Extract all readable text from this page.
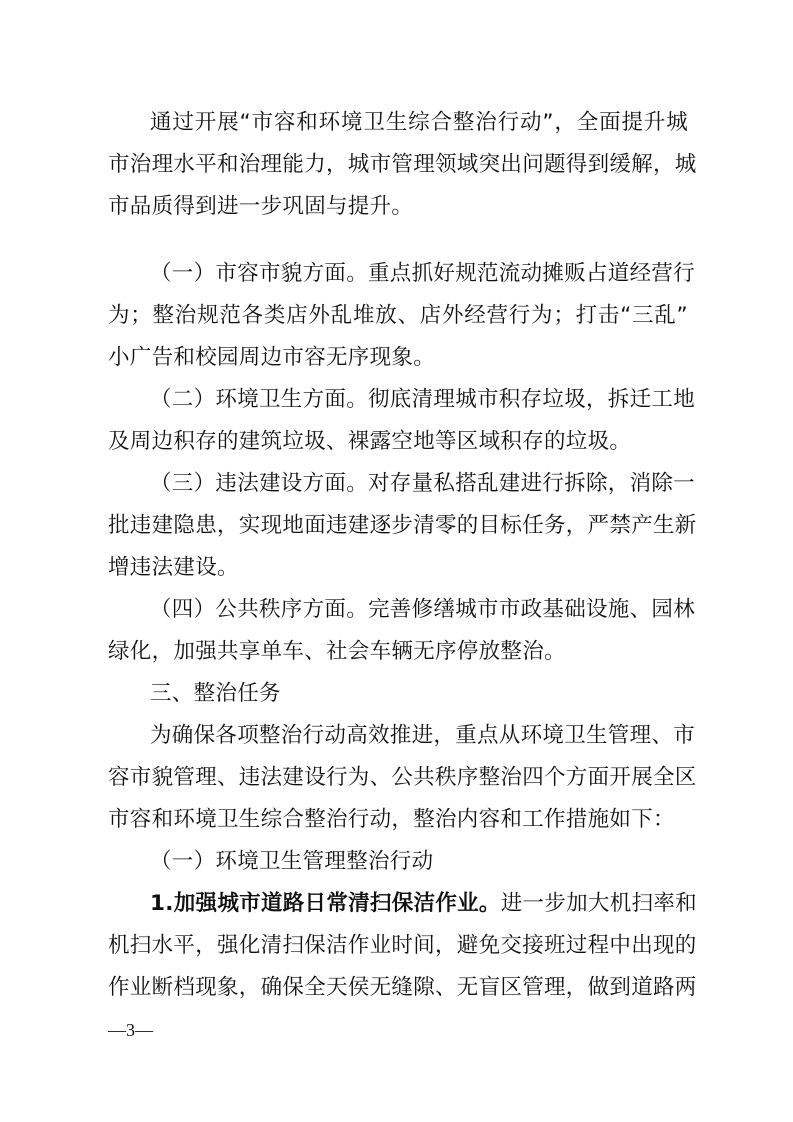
通过开展“市容和环境卫生综合整治行动”，全面提升城
市治理水平和治理能力，城市管理领域突出问题得到缓解，城
市品质得到进一步巩固与提升。
（一）市容市貌方面。重点抓好规范流动摊贩占道经营行
为；整治规范各类店外乱堆放、店外经营行为；打击“三乱”
小广告和校园周边市容无序现象。
（二）环境卫生方面。彻底清理城市积存垃圾，拆迁工地
及周边积存的建筑垃圾、裸露空地等区域积存的垃圾。
（三）违法建设方面。对存量私搭乱建进行拆除，消除一
批违建隐患，实现地面违建逐步清零的目标任务，严禁产生新
增违法建设。
（四）公共秩序方面。完善修缮城市市政基础设施、园林
绿化，加强共享单车、社会车辆无序停放整治。
三、整治任务
为确保各项整治行动高效推进，重点从环境卫生管理、市
容市貌管理、违法建设行为、公共秩序整治四个方面开展全区
市容和环境卫生综合整治行动，整治内容和工作措施如下：
（一）环境卫生管理整治行动
1.加强城市道路日常清扫保洁作业。 进一步加大机扫率和
机扫水平，强化清扫保洁作业时间，避免交接班过程中出现的
作业断档现象，确保全天侯无缝隙、无盲区管理，做到道路两
—3—
